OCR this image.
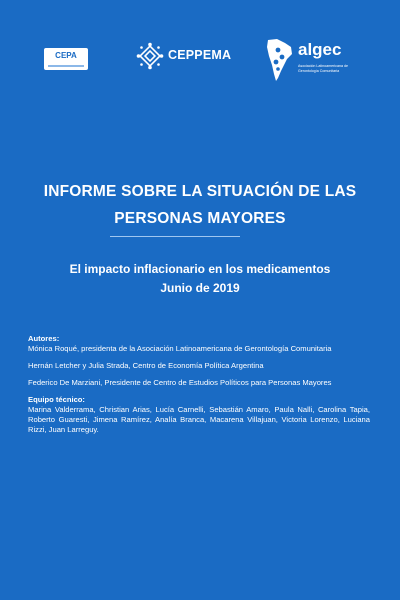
CEPA	CEPPEMA	algec
Asociación Latinoamericana de Gerontología Comunitaria
INFORME SOBRE LA SITUACIÓN DE LAS
PERSONAS MAYORES
El impacto inflacionario en los medicamentos
Junio de 2019

Autores:

Mónica Roqué, presidenta de la Asociación Latinoamericana de Gerontología Comunitaria

Hernán Letcher y Julia Strada, Centro de Economía Política Argentina

Federico De Marziani, Presidente de Centro de Estudios Políticos para Personas Mayores

Equipo técnico:

Marina Valderrama, Christian Arias, Lucía Carnelli, Sebastián Amaro, Paula Nalli, Carolina Tapia, Roberto Guaresti, Jimena Ramírez, Analía Branca, Macarena Villajuan, Victoria Lorenzo, Luciana Rizzi, Juan Larreguy.
